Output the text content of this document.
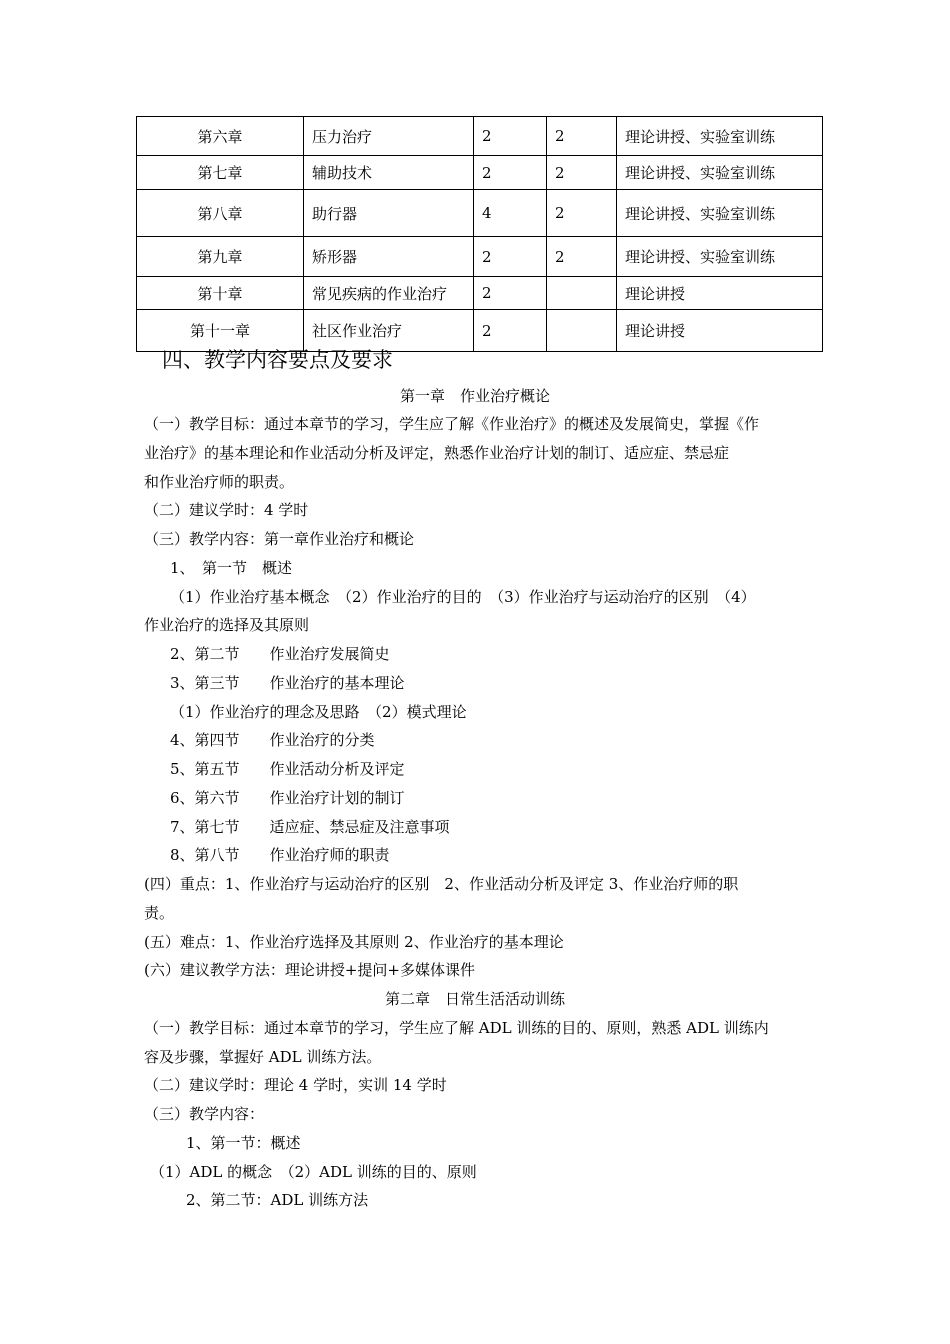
第六章	压力治疗	2	2	理论讲授、实验室训练
第七章	辅助技术	2	2	理论讲授、实验室训练
第八章	助行器	4	2	理论讲授、实验室训练
第九章	矫形器	2	2	理论讲授、实验室训练
第十章	常见疾病的作业治疗	2		理论讲授
第十一章	社区作业治疗	2		理论讲授
四、教学内容要点及要求
第一章　作业治疗概论
（一）教学目标：通过本章节的学习，学生应了解《作业治疗》的概述及发展简史，掌握《作
业治疗》的基本理论和作业活动分析及评定，熟悉作业治疗计划的制订、适应症、禁忌症
和作业治疗师的职责。
（二）建议学时：4 学时
（三）教学内容：第一章作业治疗和概论
1、　第一节　概述
（1）作业治疗基本概念　（2）作业治疗的目的　（3）作业治疗与运动治疗的区别　（4）
作业治疗的选择及其原则
2、第二节　　作业治疗发展简史
3、第三节　　作业治疗的基本理论
（1）作业治疗的理念及思路　（2）模式理论
4、第四节　　作业治疗的分类
5、第五节　　作业活动分析及评定
6、第六节　　作业治疗计划的制订
7、第七节　　适应症、禁忌症及注意事项
8、第八节　　作业治疗师的职责
(四）重点：1、作业治疗与运动治疗的区别　2、作业活动分析及评定 3、作业治疗师的职
责。
(五）难点：1、作业治疗选择及其原则 2、作业治疗的基本理论
(六）建议教学方法：理论讲授+提问+多媒体课件
第二章　日常生活活动训练
（一）教学目标：通过本章节的学习，学生应了解 ADL 训练的目的、原则，熟悉 ADL 训练内
容及步骤，掌握好 ADL 训练方法。
（二）建议学时：理论 4 学时，实训 14 学时
（三）教学内容：
1、第一节：概述
（1）ADL 的概念　（2）ADL 训练的目的、原则
2、第二节：ADL 训练方法
